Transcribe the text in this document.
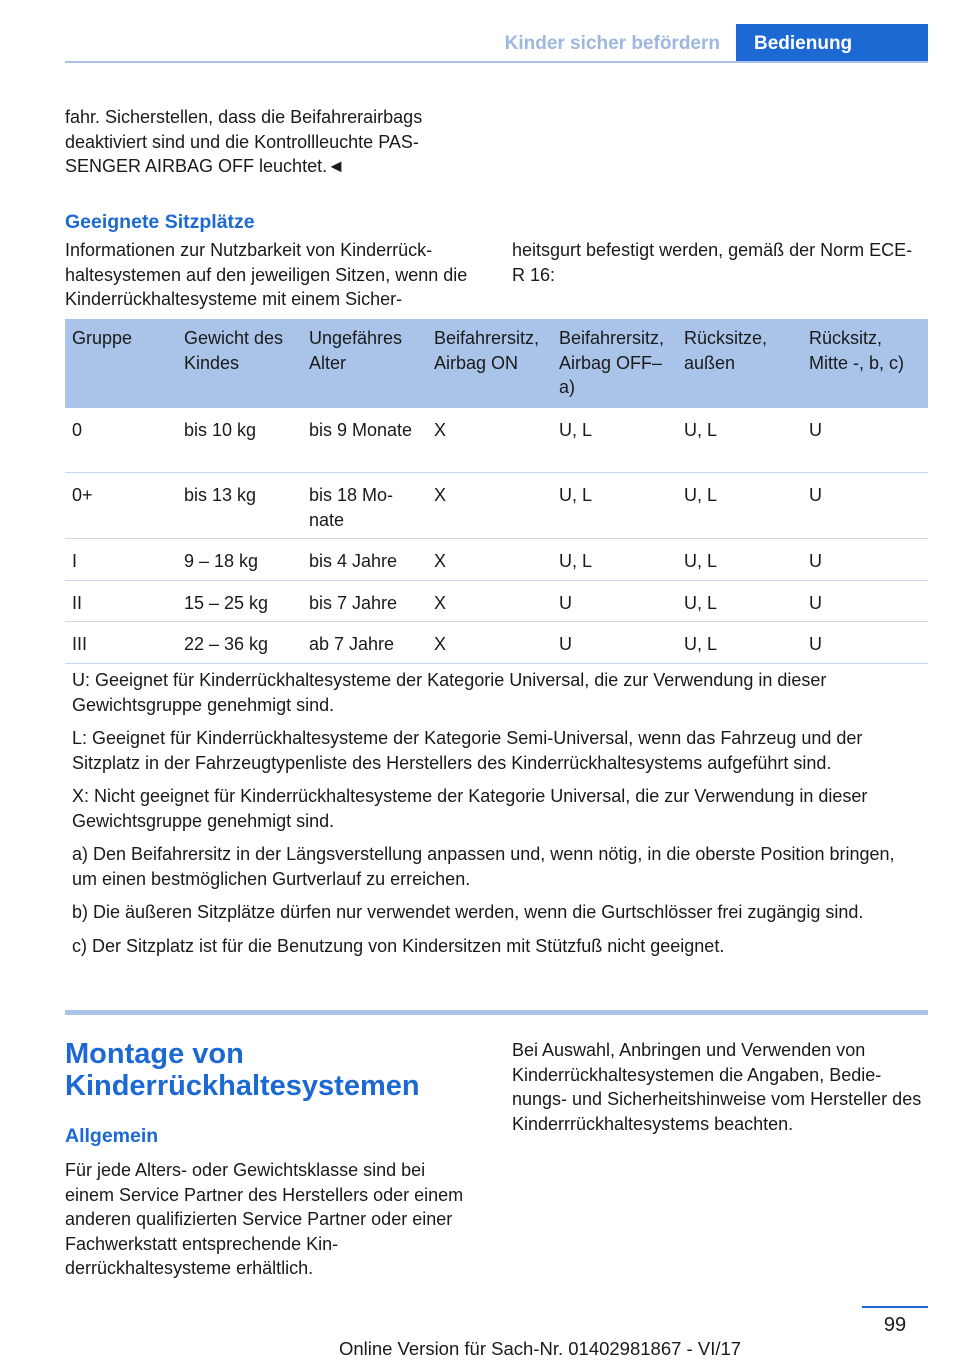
Kinder sicher befördern	Bedienung
fahr. Sicherstellen, dass die Beifahrerairbags deaktiviert sind und die Kontrollleuchte PASSENGER AIRBAG OFF leuchtet.◄
Geeignete Sitzplätze
Informationen zur Nutzbarkeit von Kinderrückhaltesystemen auf den jeweiligen Sitzen, wenn die Kinderrückhaltesysteme mit einem Sicher-
heitsgurt befestigt werden, gemäß der Norm ECE-R 16:
Gruppe	Gewicht des Kindes	Ungefähres Alter	Beifahrersitz, Airbag ON	Beifahrersitz, Airbag OFF– a)	Rücksitze, außen	Rücksitz, Mitte -, b, c)
0	bis 10 kg	bis 9 Monate	X	U, L	U, L	U
0+	bis 13 kg	bis 18 Monate	X	U, L	U, L	U
I	9 – 18 kg	bis 4 Jahre	X	U, L	U, L	U
II	15 – 25 kg	bis 7 Jahre	X	U	U, L	U
III	22 – 36 kg	ab 7 Jahre	X	U	U, L	U

U: Geeignet für Kinderrückhaltesysteme der Kategorie Universal, die zur Verwendung in dieser Gewichtsgruppe genehmigt sind.

L: Geeignet für Kinderrückhaltesysteme der Kategorie Semi-Universal, wenn das Fahrzeug und der Sitzplatz in der Fahrzeugtypenliste des Herstellers des Kinderrückhaltesystems aufgeführt sind.

X: Nicht geeignet für Kinderrückhaltesysteme der Kategorie Universal, die zur Verwendung in dieser Gewichtsgruppe genehmigt sind.

a) Den Beifahrersitz in der Längsverstellung anpassen und, wenn nötig, in die oberste Position bringen, um einen bestmöglichen Gurtverlauf zu erreichen.

b) Die äußeren Sitzplätze dürfen nur verwendet werden, wenn die Gurtschlösser frei zugängig sind.

c) Der Sitzplatz ist für die Benutzung von Kindersitzen mit Stützfuß nicht geeignet.

Montage von Kinderrückhaltesystemen
Allgemein
Für jede Alters- oder Gewichtsklasse sind bei einem Service Partner des Herstellers oder einem anderen qualifizierten Service Partner oder einer Fachwerkstatt entsprechende Kinderrückhaltesysteme erhältlich.
Bei Auswahl, Anbringen und Verwenden von Kinderrückhaltesystemen die Angaben, Bedienungs- und Sicherheitshinweise vom Hersteller des Kinderrrückhaltesystems beachten.
99
Online Version für Sach-Nr. 01402981867 - VI/17
